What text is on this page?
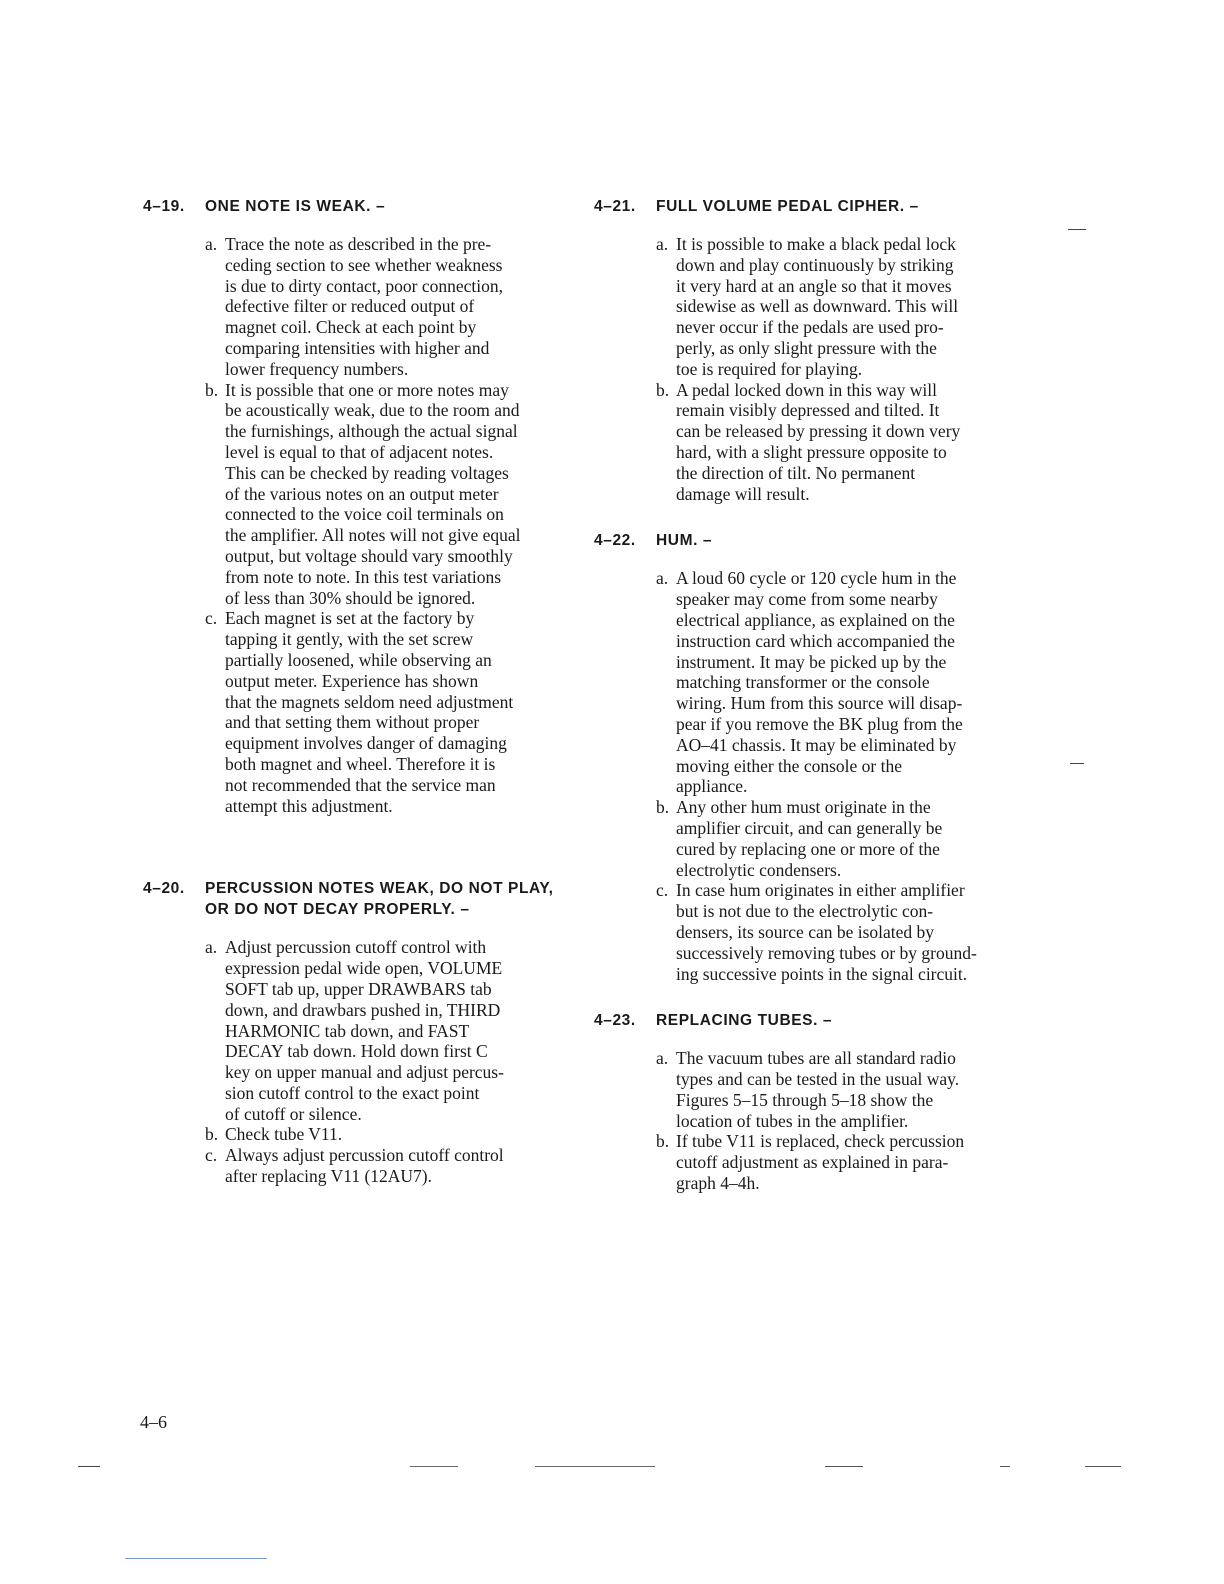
4–19.	ONE NOTE IS WEAK. –
a. Trace the note as described in the pre-
ceding section to see whether weakness
is due to dirty contact, poor connection,
defective filter or reduced output of
magnet coil. Check at each point by
comparing intensities with higher and
lower frequency numbers.
b. It is possible that one or more notes may
be acoustically weak, due to the room and
the furnishings, although the actual signal
level is equal to that of adjacent notes.
This can be checked by reading voltages
of the various notes on an output meter
connected to the voice coil terminals on
the amplifier. All notes will not give equal
output, but voltage should vary smoothly
from note to note. In this test variations
of less than 30% should be ignored.
c. Each magnet is set at the factory by
tapping it gently, with the set screw
partially loosened, while observing an
output meter. Experience has shown
that the magnets seldom need adjustment
and that setting them without proper
equipment involves danger of damaging
both magnet and wheel. Therefore it is
not recommended that the service man
attempt this adjustment.
4–20.	PERCUSSION NOTES WEAK, DO NOT PLAY,
OR DO NOT DECAY PROPERLY. –
a. Adjust percussion cutoff control with
expression pedal wide open, VOLUME
SOFT tab up, upper DRAWBARS tab
down, and drawbars pushed in, THIRD
HARMONIC tab down, and FAST
DECAY tab down. Hold down first C
key on upper manual and adjust percus-
sion cutoff control to the exact point
of cutoff or silence.
b. Check tube V11.
c. Always adjust percussion cutoff control
after replacing V11 (12AU7).
4–21.	FULL VOLUME PEDAL CIPHER. –
a. It is possible to make a black pedal lock
down and play continuously by striking
it very hard at an angle so that it moves
sidewise as well as downward. This will
never occur if the pedals are used pro-
perly, as only slight pressure with the
toe is required for playing.
b. A pedal locked down in this way will
remain visibly depressed and tilted. It
can be released by pressing it down very
hard, with a slight pressure opposite to
the direction of tilt. No permanent
damage will result.
4–22.	HUM. –
a. A loud 60 cycle or 120 cycle hum in the
speaker may come from some nearby
electrical appliance, as explained on the
instruction card which accompanied the
instrument. It may be picked up by the
matching transformer or the console
wiring. Hum from this source will disap-
pear if you remove the BK plug from the
AO–41 chassis. It may be eliminated by
moving either the console or the
appliance.
b. Any other hum must originate in the
amplifier circuit, and can generally be
cured by replacing one or more of the
electrolytic condensers.
c. In case hum originates in either amplifier
but is not due to the electrolytic con-
densers, its source can be isolated by
successively removing tubes or by ground-
ing successive points in the signal circuit.
4–23.	REPLACING TUBES. –
a. The vacuum tubes are all standard radio
types and can be tested in the usual way.
Figures 5–15 through 5–18 show the
location of tubes in the amplifier.
b. If tube V11 is replaced, check percussion
cutoff adjustment as explained in para-
graph 4–4h.
4–6
